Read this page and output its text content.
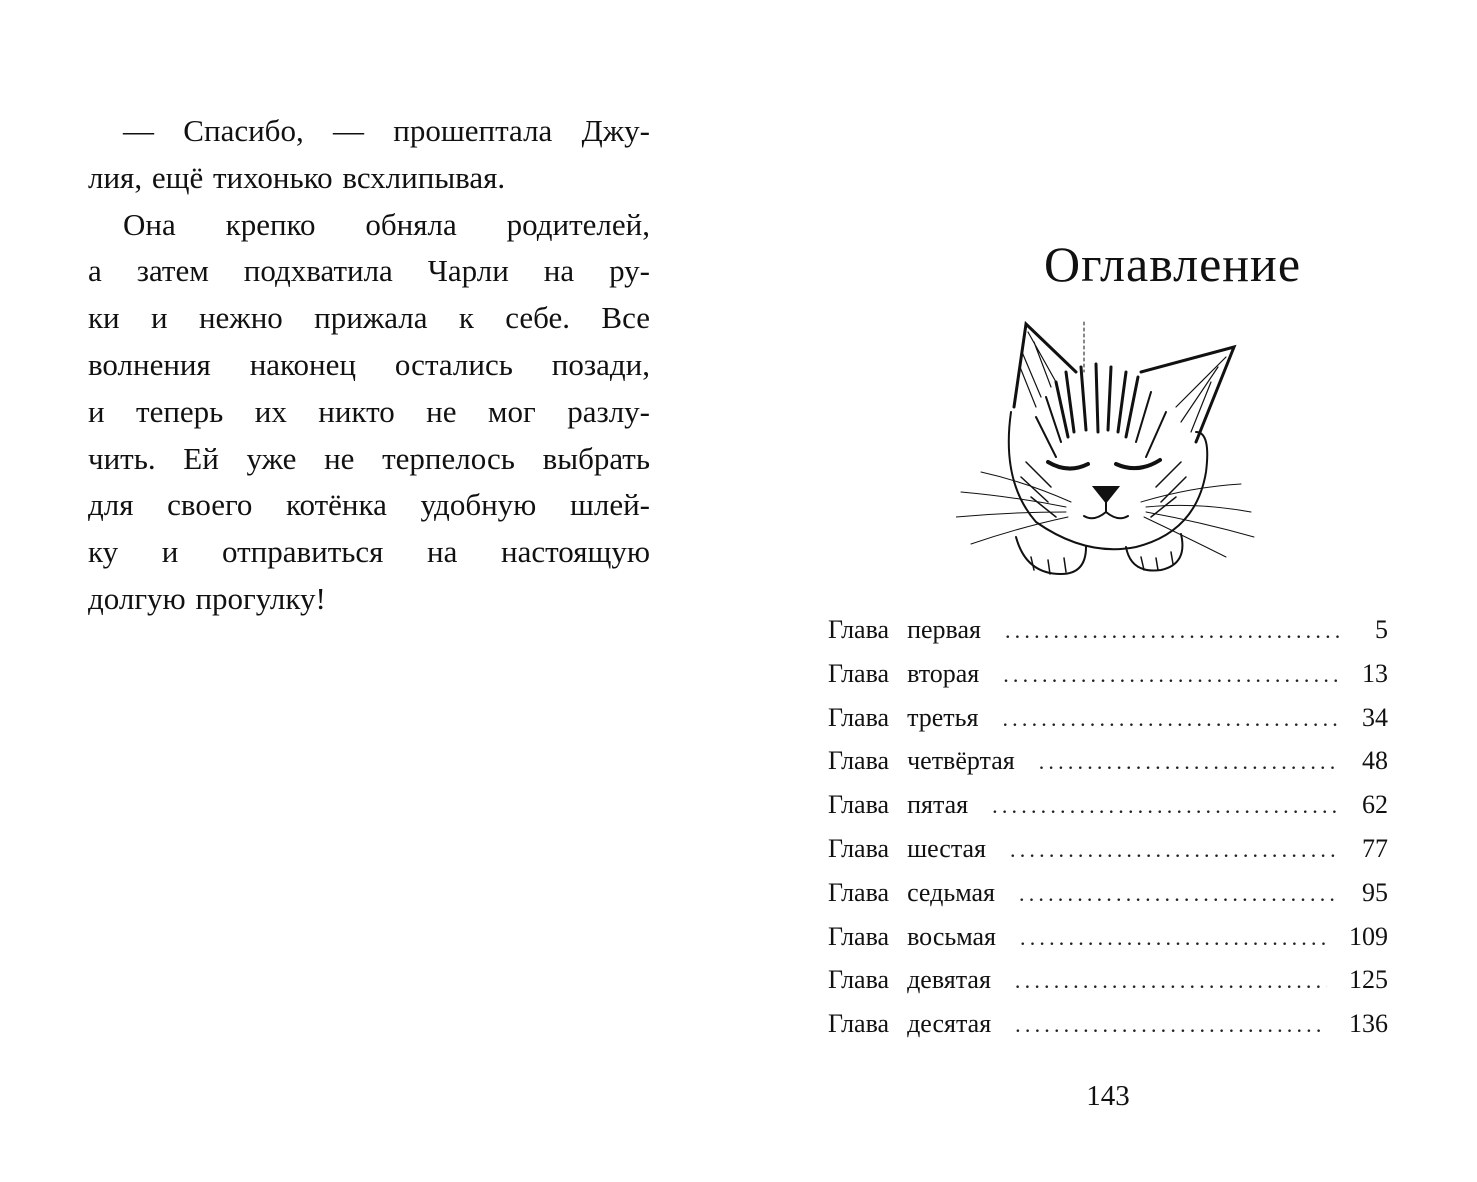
— Спасибо, — прошептала Джу-
лия, ещё тихонько всхлипывая.
Она крепко обняла родителей,
а затем подхватила Чарли на ру-
ки и нежно прижала к себе. Все
волнения наконец остались позади,
и теперь их никто не мог разлу-
чить. Ей уже не терпелось выбрать
для своего котёнка удобную шлей-
ку и отправиться на настоящую
долгую прогулку!
Оглавление
Глава первая .....	5
Глава вторая .....	13
Глава третья .....	34
Глава четвёртая .....	48
Глава пятая .....	62
Глава шестая .....	77
Глава седьмая .....	95
Глава восьмая .....	109
Глава девятая .....	125
Глава десятая .....	136
143
